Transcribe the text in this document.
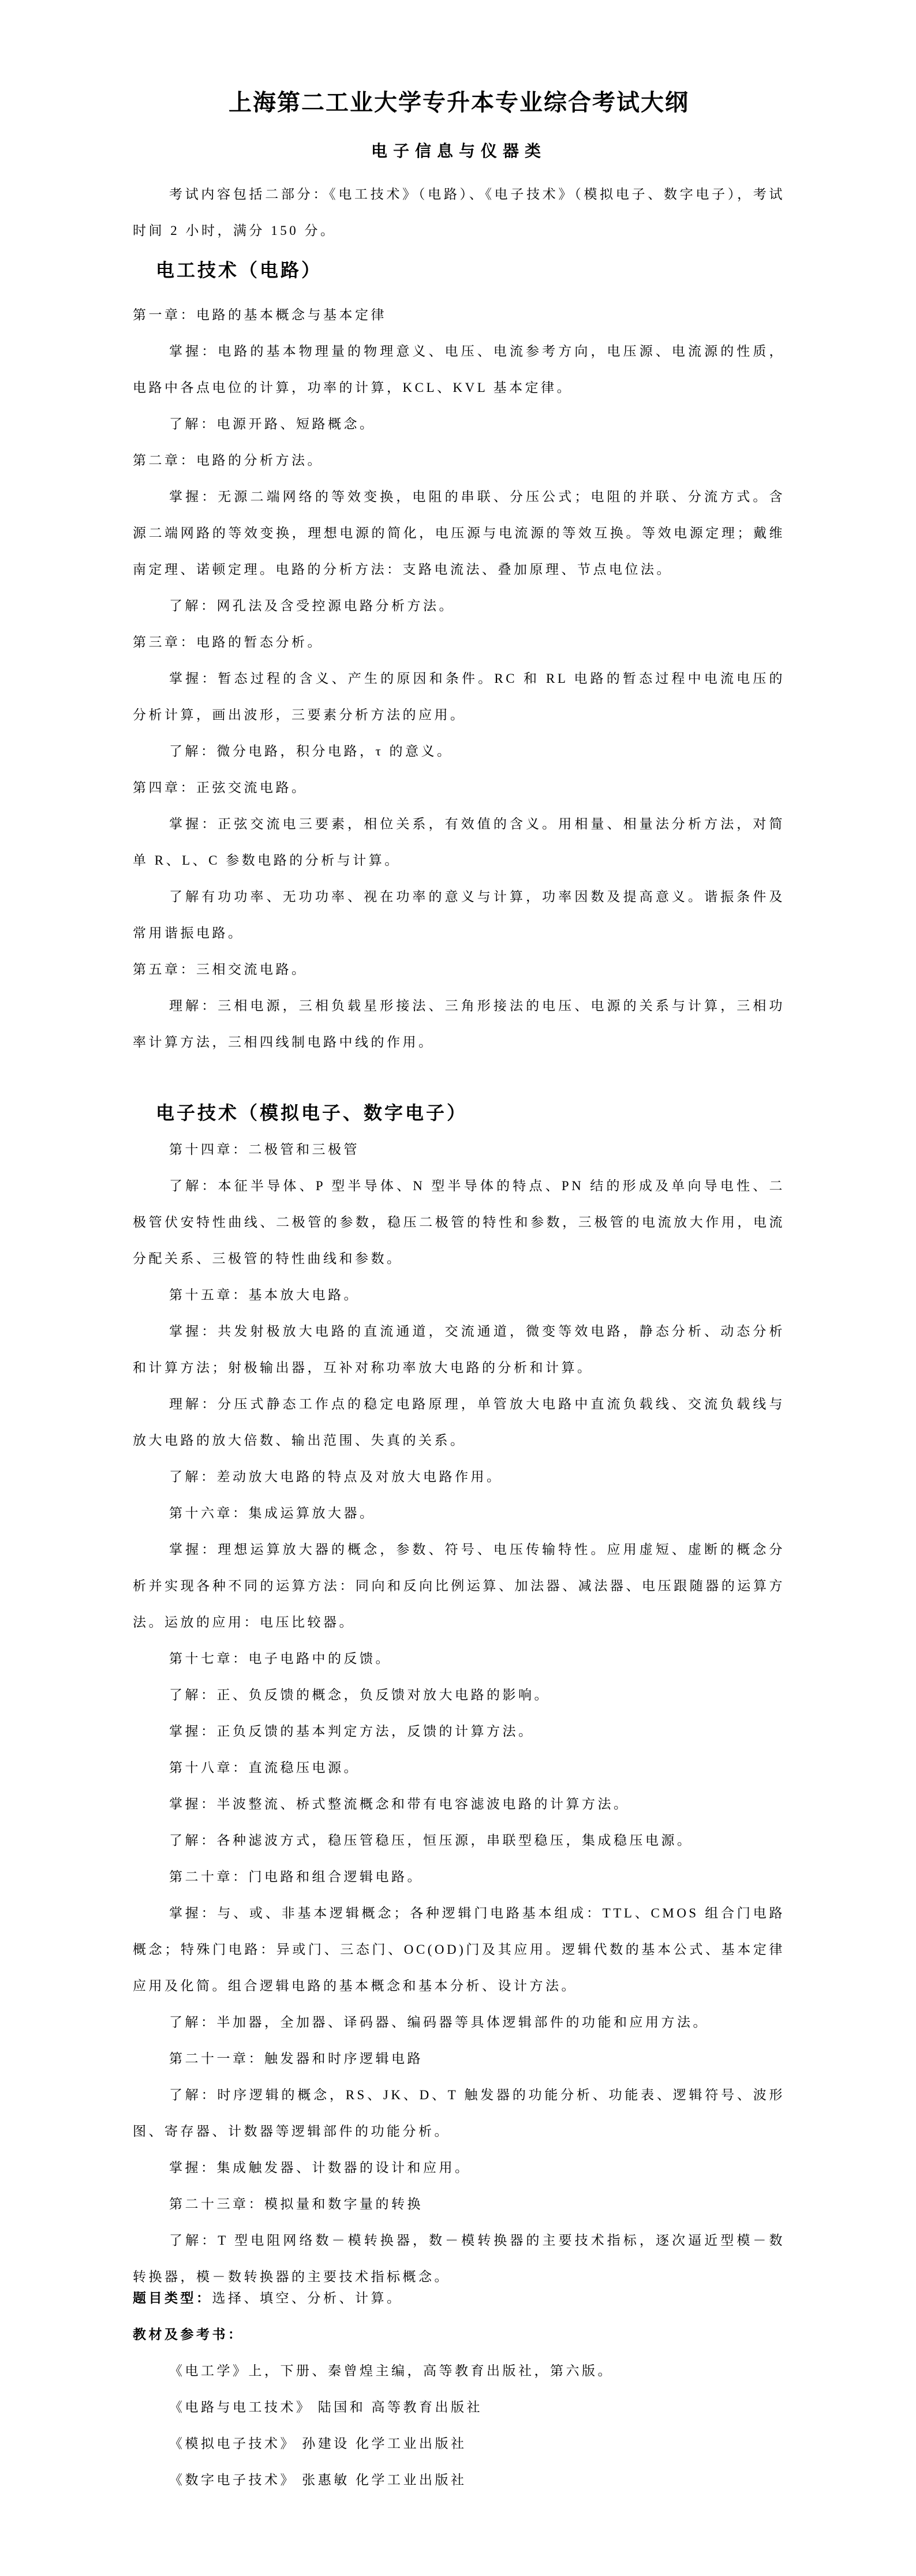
上海第二工业大学专升本专业综合考试大纲
电子信息与仪器类

考试内容包括二部分：《电工技术》（电路）、《电子技术》（模拟电子、数字电子），考试时间 2 小时，满分 150 分。

电工技术（电路）

第一章：电路的基本概念与基本定律

掌握：电路的基本物理量的物理意义、电压、电流参考方向，电压源、电流源的性质，电路中各点电位的计算，功率的计算，KCL、KVL 基本定律。

了解：电源开路、短路概念。

第二章：电路的分析方法。

掌握：无源二端网络的等效变换，电阻的串联、分压公式；电阻的并联、分流方式。含源二端网路的等效变换，理想电源的简化，电压源与电流源的等效互换。等效电源定理；戴维南定理、诺顿定理。电路的分析方法：支路电流法、叠加原理、节点电位法。

了解：网孔法及含受控源电路分析方法。

第三章：电路的暂态分析。

掌握：暂态过程的含义、产生的原因和条件。RC 和 RL 电路的暂态过程中电流电压的分析计算，画出波形，三要素分析方法的应用。

了解：微分电路，积分电路，τ 的意义。

第四章：正弦交流电路。

掌握：正弦交流电三要素，相位关系，有效值的含义。用相量、相量法分析方法，对简单 R、L、C 参数电路的分析与计算。

了解有功功率、无功功率、视在功率的意义与计算，功率因数及提高意义。谐振条件及常用谐振电路。

第五章：三相交流电路。

理解：三相电源，三相负载星形接法、三角形接法的电压、电源的关系与计算，三相功率计算方法，三相四线制电路中线的作用。

电子技术（模拟电子、数字电子）

第十四章：二极管和三极管

了解：本征半导体、P 型半导体、N 型半导体的特点、PN 结的形成及单向导电性、二极管伏安特性曲线、二极管的参数，稳压二极管的特性和参数，三极管的电流放大作用，电流分配关系、三极管的特性曲线和参数。

第十五章：基本放大电路。

掌握：共发射极放大电路的直流通道，交流通道，微变等效电路，静态分析、动态分析和计算方法；射极输出器，互补对称功率放大电路的分析和计算。

理解：分压式静态工作点的稳定电路原理，单管放大电路中直流负载线、交流负载线与放大电路的放大倍数、输出范围、失真的关系。

了解：差动放大电路的特点及对放大电路作用。

第十六章：集成运算放大器。

掌握：理想运算放大器的概念，参数、符号、电压传输特性。应用虚短、虚断的概念分析并实现各种不同的运算方法：同向和反向比例运算、加法器、减法器、电压跟随器的运算方法。运放的应用：电压比较器。

第十七章：电子电路中的反馈。

了解：正、负反馈的概念，负反馈对放大电路的影响。

掌握：正负反馈的基本判定方法，反馈的计算方法。

第十八章：直流稳压电源。

掌握：半波整流、桥式整流概念和带有电容滤波电路的计算方法。

了解：各种滤波方式，稳压管稳压，恒压源，串联型稳压，集成稳压电源。

第二十章：门电路和组合逻辑电路。

掌握：与、或、非基本逻辑概念；各种逻辑门电路基本组成：TTL、CMOS 组合门电路概念；特殊门电路：异或门、三态门、OC(OD)门及其应用。逻辑代数的基本公式、基本定律应用及化简。组合逻辑电路的基本概念和基本分析、设计方法。

了解：半加器，全加器、译码器、编码器等具体逻辑部件的功能和应用方法。

第二十一章：触发器和时序逻辑电路

了解：时序逻辑的概念，RS、JK、D、T 触发器的功能分析、功能表、逻辑符号、波形图、寄存器、计数器等逻辑部件的功能分析。

掌握：集成触发器、计数器的设计和应用。

第二十三章：模拟量和数字量的转换

了解：T 型电阻网络数－模转换器，数－模转换器的主要技术指标，逐次逼近型模－数转换器，模－数转换器的主要技术指标概念。

题目类型：选择、填空、分析、计算。

教材及参考书：

《电工学》上，下册、秦曾煌主编，高等教育出版社，第六版。

《电路与电工技术》 陆国和 高等教育出版社

《模拟电子技术》 孙建设 化学工业出版社

《数字电子技术》 张惠敏 化学工业出版社
